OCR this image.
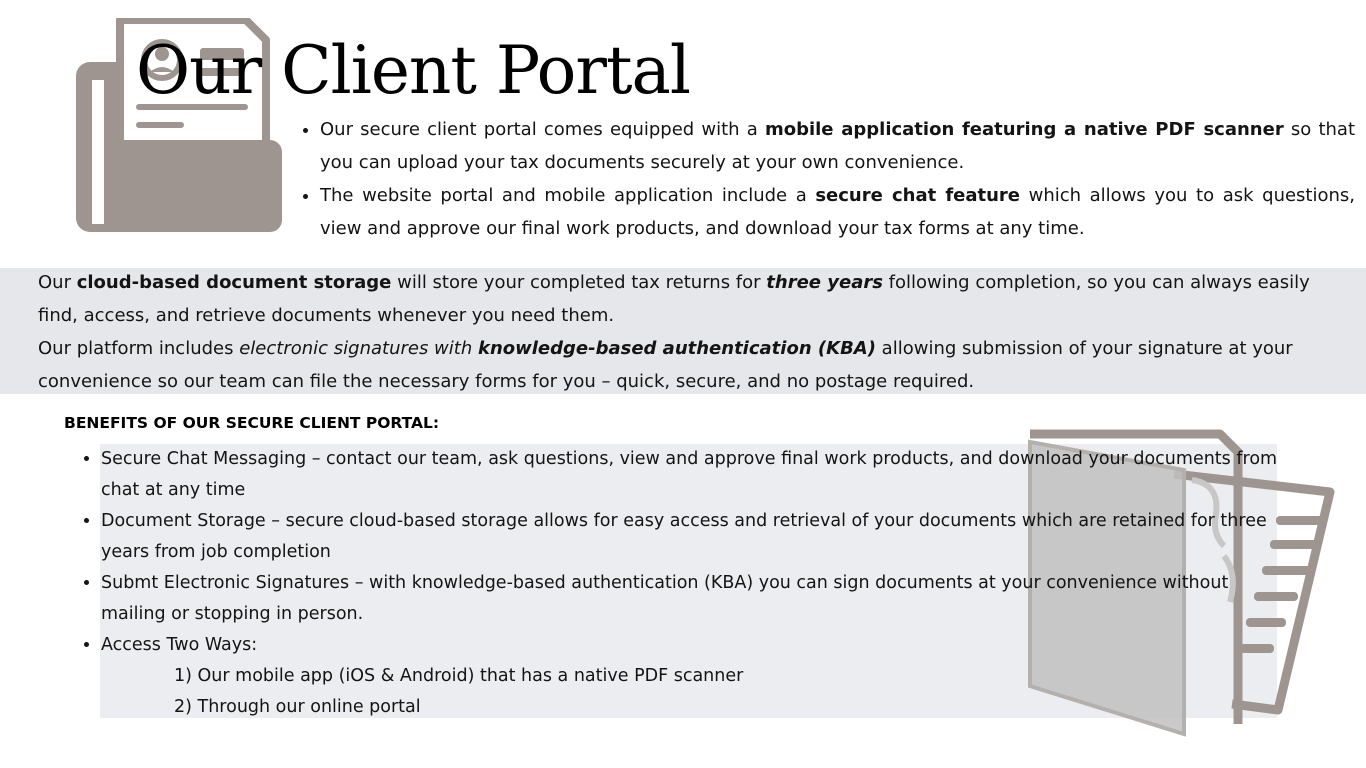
Our Client Portal
• Our secure client portal comes equipped with a mobile application featuring a native PDF scanner so that you can upload your tax documents securely at your own convenience.
• The website portal and mobile application include a secure chat feature which allows you to ask questions, view and approve our final work products, and download your tax forms at any time.

Our cloud-based document storage will store your completed tax returns for three years following completion, so you can always easily find, access, and retrieve documents whenever you need them.

Our platform includes electronic signatures with knowledge-based authentication (KBA) allowing submission of your signature at your convenience so our team can file the necessary forms for you – quick, secure, and no postage required.

BENEFITS OF OUR SECURE CLIENT PORTAL:
• Secure Chat Messaging – contact our team, ask questions, view and approve final work products, and download your documents from chat at any time
• Document Storage – secure cloud-based storage allows for easy access and retrieval of your documents which are retained for three years from job completion
• Submt Electronic Signatures – with knowledge-based authentication (KBA) you can sign documents at your convenience without mailing or stopping in person.
• Access Two Ways:
1) Our mobile app (iOS & Android) that has a native PDF scanner
2) Through our online portal
